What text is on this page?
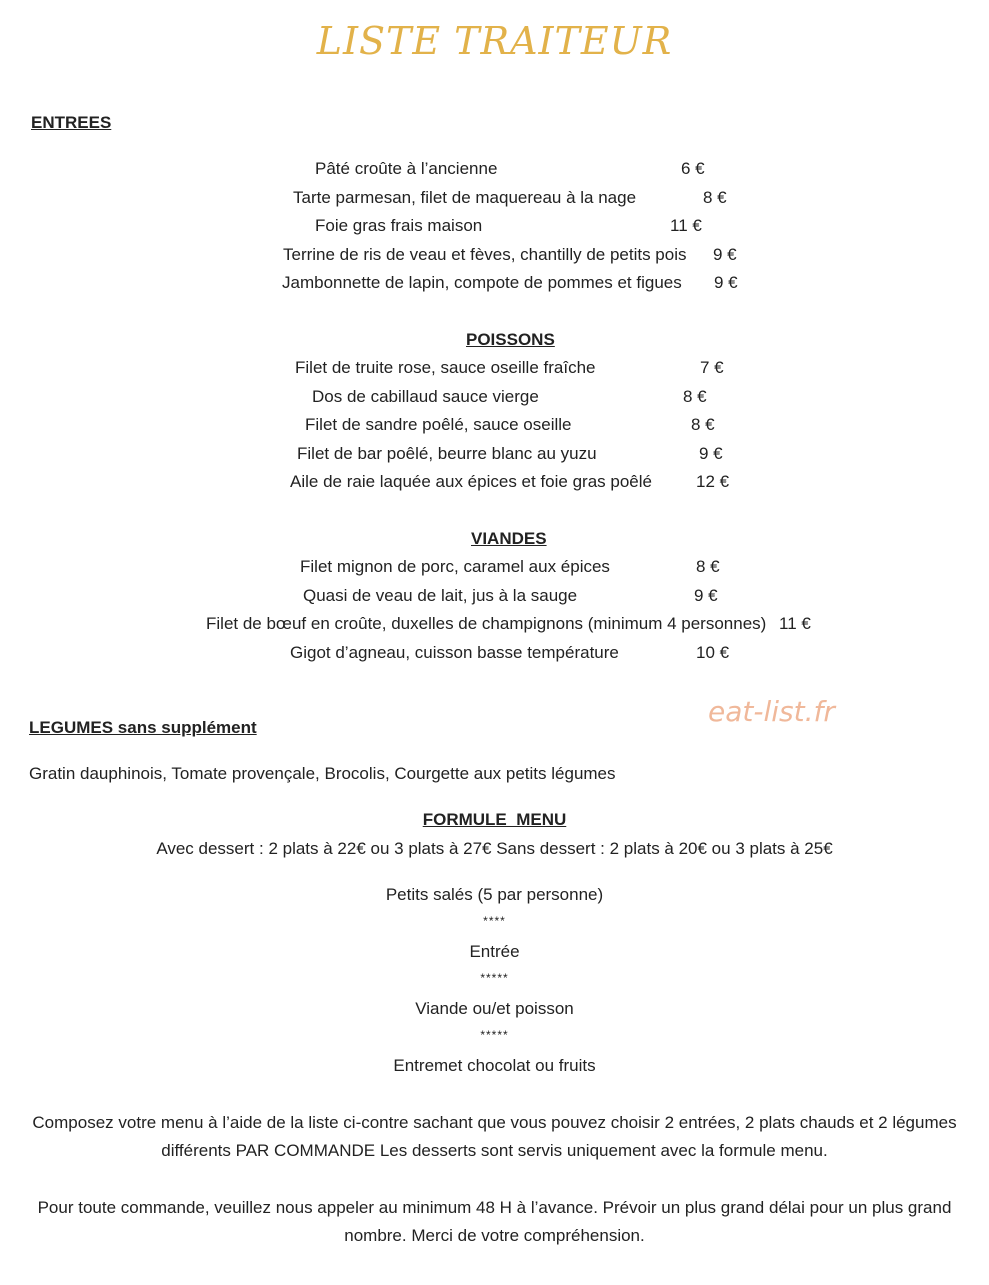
LISTE TRAITEUR
ENTREES
Pâté croûte à l’ancienne	6 €
Tarte parmesan, filet de maquereau à la nage	8 €
Foie gras frais maison	11 €
Terrine de ris de veau et fèves, chantilly de petits pois 9 €
Jambonnette de lapin, compote de pommes et figues 9 €
POISSONS
Filet de truite rose, sauce oseille fraîche	7 €
Dos de cabillaud sauce vierge	8 €
Filet de sandre poêlé, sauce oseille	8 €
Filet de bar poêlé, beurre blanc au yuzu	9 €
Aile de raie laquée aux épices et foie gras poêlé	12 €
VIANDES
Filet mignon de porc, caramel aux épices	8 €
Quasi de veau de lait, jus à la sauge	9 €
Filet de bœuf en croûte, duxelles de champignons (minimum 4 personnes) 11 €
Gigot d’agneau, cuisson basse température	10 €
eat-list.fr
LEGUMES sans supplément
Gratin dauphinois, Tomate provençale, Brocolis, Courgette aux petits légumes
FORMULE  MENU
Avec dessert : 2 plats à 22€ ou 3 plats à 27€ Sans dessert : 2 plats à 20€ ou 3 plats à 25€
Petits salés (5 par personne)
****
Entrée
*****
Viande ou/et poisson
*****
Entremet chocolat ou fruits
Composez votre menu à l’aide de la liste ci-contre sachant que vous pouvez choisir 2 entrées, 2 plats chauds et 2 légumes différents PAR COMMANDE Les desserts sont servis uniquement avec la formule menu.
Pour toute commande, veuillez nous appeler au minimum 48 H à l’avance. Prévoir un plus grand délai pour un plus grand nombre. Merci de votre compréhension.
